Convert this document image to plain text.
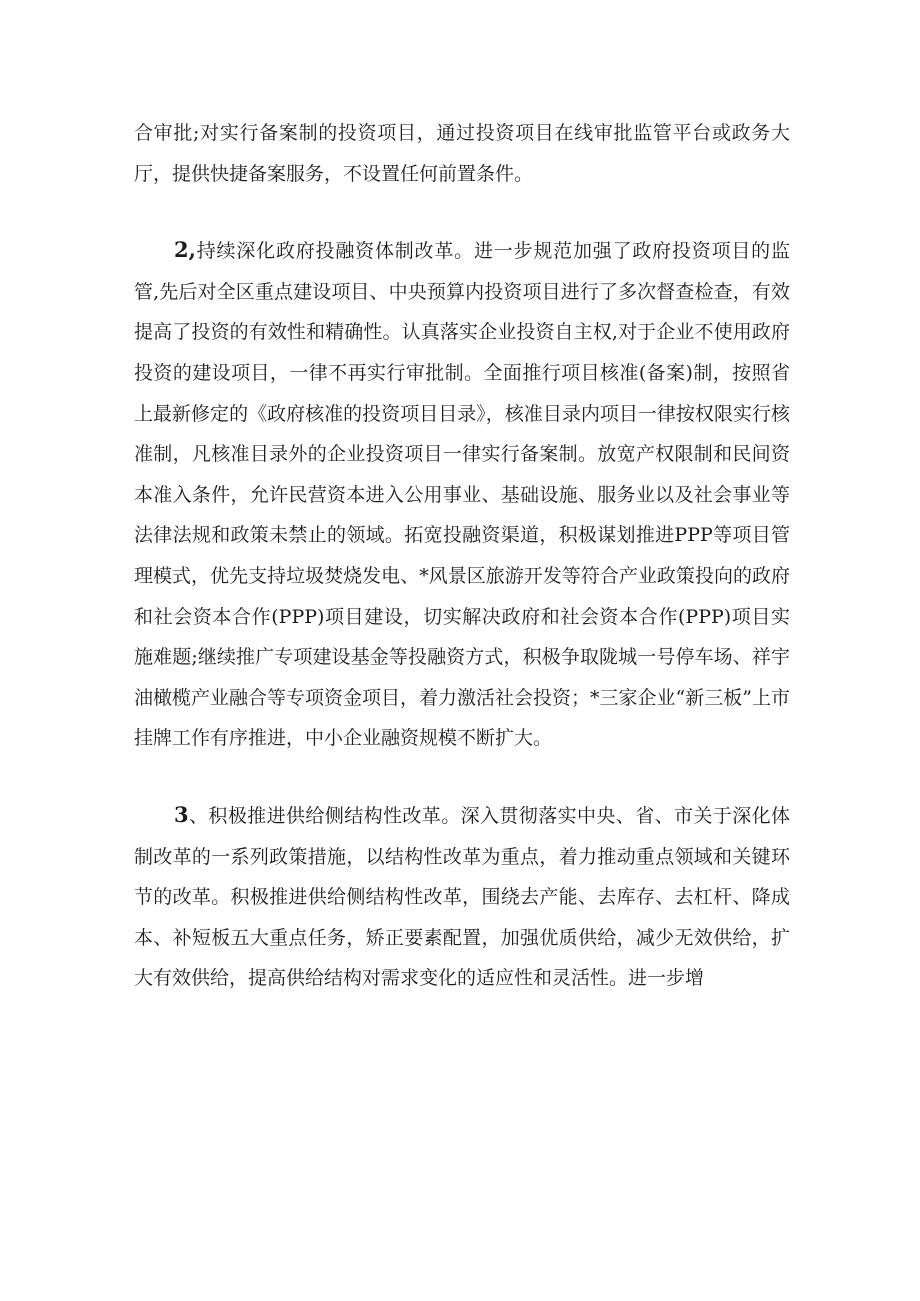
合审批;对实行备案制的投资项目，通过投资项目在线审批监管平台或政务大厅，提供快捷备案服务，不设置任何前置条件。

2,持续深化政府投融资体制改革。进一步规范加强了政府投资项目的监管,先后对全区重点建设项目、中央预算内投资项目进行了多次督查检查，有效提高了投资的有效性和精确性。认真落实企业投资自主权,对于企业不使用政府投资的建设项目，一律不再实行审批制。全面推行项目核准(备案)制，按照省上最新修定的《政府核准的投资项目目录》，核准目录内项目一律按权限实行核准制，凡核准目录外的企业投资项目一律实行备案制。放宽产权限制和民间资本准入条件，允许民营资本进入公用事业、基础设施、服务业以及社会事业等法律法规和政策未禁止的领域。拓宽投融资渠道，积极谋划推进PPP等项目管理模式，优先支持垃圾焚烧发电、*风景区旅游开发等符合产业政策投向的政府和社会资本合作(PPP)项目建设，切实解决政府和社会资本合作(PPP)项目实施难题;继续推广专项建设基金等投融资方式，积极争取陇城一号停车场、祥宇油橄榄产业融合等专项资金项目，着力激活社会投资；*三家企业“新三板”上市挂牌工作有序推进，中小企业融资规模不断扩大。

3、积极推进供给侧结构性改革。深入贯彻落实中央、省、市关于深化体制改革的一系列政策措施，以结构性改革为重点，着力推动重点领域和关键环节的改革。积极推进供给侧结构性改革，围绕去产能、去库存、去杠杆、降成本、补短板五大重点任务，矫正要素配置，加强优质供给，减少无效供给，扩大有效供给，提高供给结构对需求变化的适应性和灵活性。进一步增
